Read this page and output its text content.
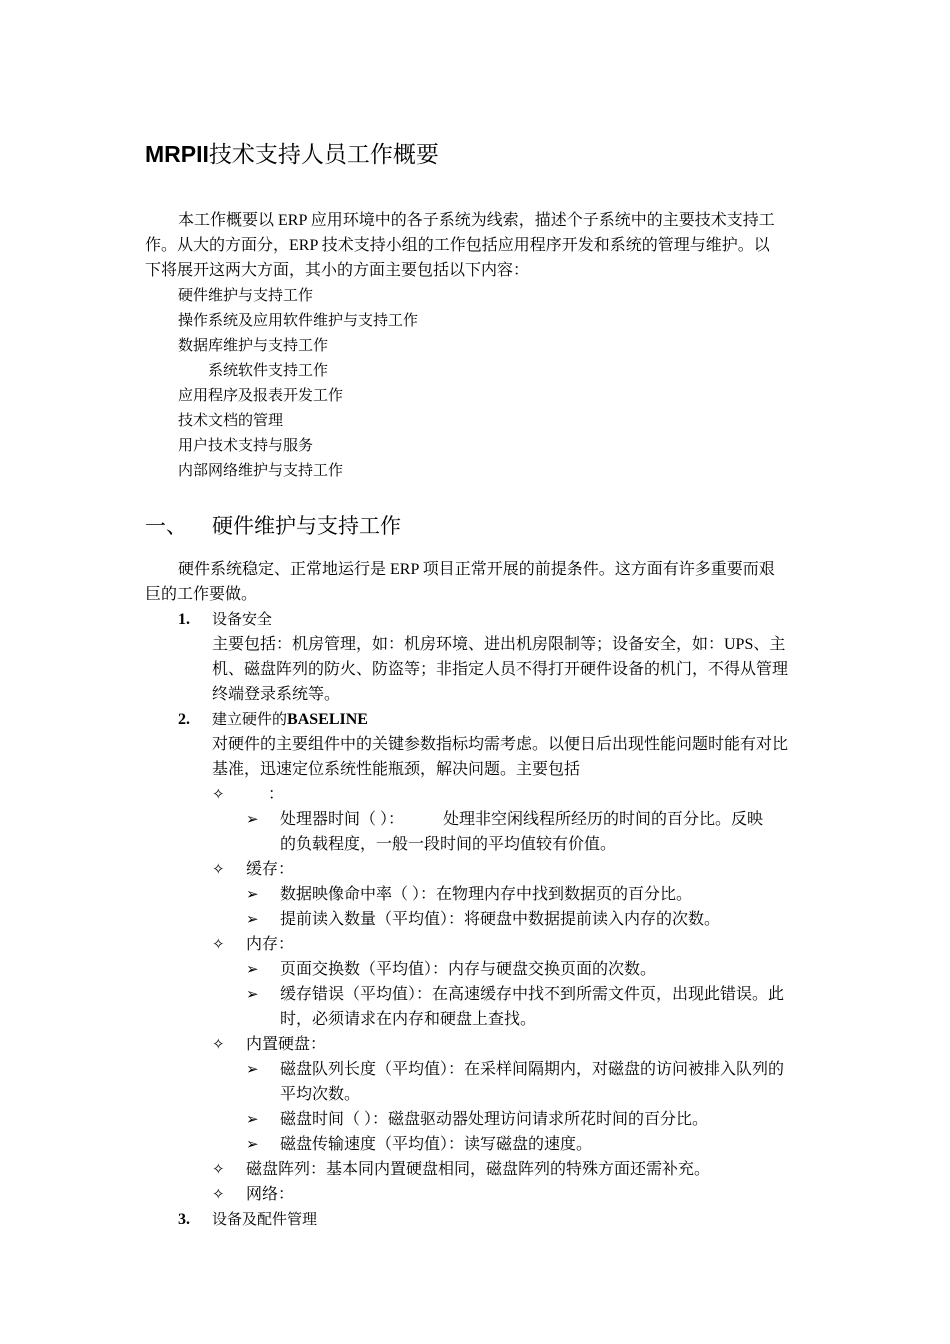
MRPII技术支持人员工作概要
本工作概要以 ERP 应用环境中的各子系统为线索，描述个子系统中的主要技术支持工
作。从大的方面分，ERP 技术支持小组的工作包括应用程序开发和系统的管理与维护。以
下将展开这两大方面，其小的方面主要包括以下内容：
硬件维护与支持工作
操作系统及应用软件维护与支持工作
数据库维护与支持工作
系统软件支持工作
应用程序及报表开发工作
技术文档的管理
用户技术支持与服务
内部网络维护与支持工作
一、 硬件维护与支持工作
硬件系统稳定、正常地运行是 ERP 项目正常开展的前提条件。这方面有许多重要而艰
巨的工作要做。
1. 设备安全
主要包括：机房管理，如：机房环境、进出机房限制等；设备安全，如：UPS、主
机、磁盘阵列的防火、防盗等；非指定人员不得打开硬件设备的机门，不得从管理
终端登录系统等。
2. 建立硬件的BASELINE
对硬件的主要组件中的关键参数指标均需考虑。以便日后出现性能问题时能有对比
基准，迅速定位系统性能瓶颈，解决问题。主要包括
✧	：
➢ 处理器时间（ ）： 处理非空闲线程所经历的时间的百分比。反映
的负载程度，一般一段时间的平均值较有价值。
✧ 缓存：
➢ 数据映像命中率（ ）：在物理内存中找到数据页的百分比。
➢ 提前读入数量（平均值）：将硬盘中数据提前读入内存的次数。
✧ 内存：
➢ 页面交换数（平均值）：内存与硬盘交换页面的次数。
➢ 缓存错误（平均值）：在高速缓存中找不到所需文件页，出现此错误。此
时，必须请求在内存和硬盘上查找。
✧ 内置硬盘：
➢ 磁盘队列长度（平均值）：在采样间隔期内，对磁盘的访问被排入队列的
平均次数。
➢ 磁盘时间（ ）：磁盘驱动器处理访问请求所花时间的百分比。
➢ 磁盘传输速度（平均值）：读写磁盘的速度。
✧ 磁盘阵列：基本同内置硬盘相同，磁盘阵列的特殊方面还需补充。
✧ 网络：
3. 设备及配件管理
